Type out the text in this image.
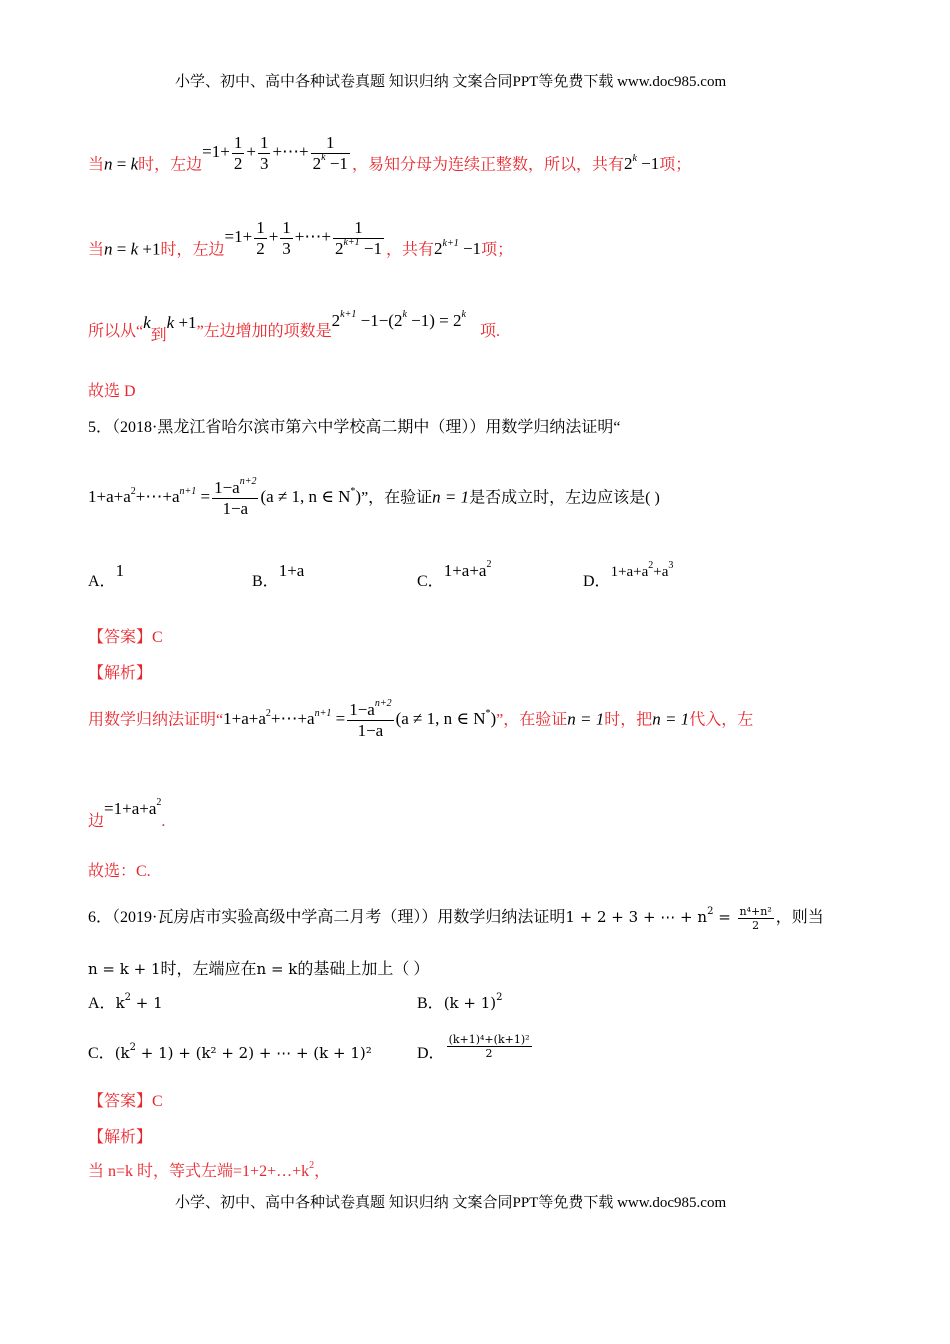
小学、初中、高中各种试卷真题 知识归纳 文案合同PPT等免费下载 www.doc985.com
当n = k时，左边$=1+ \frac{1}{2} + \frac{1}{3}$ +⋯+ $\frac{1}{2^k -1}$ ，易知分母为连续正整数，所以，共有$2^k -1$项；
当n = k +1时，左边$=1+ \frac{1}{2} + \frac{1}{3}$ +⋯+ $\frac{1}{2^{k+1} -1}$ ，共有$2^{k+1} -1$项；
所以从“k到k +1”左边增加的项数是$2^{k+1} -1-(2^k -1) = 2^k$项.
故选 D
5．（2018·黑龙江省哈尔滨市第六中学校高二期中（理））用数学归纳法证明“
$1+a+a^2+\cdots+a^{n+1} = \frac{1-a^{n+2}}{1-a} (a \ne 1$, n ∈ N*)”，在验证n = 1是否成立时，左边应该是( )
A．1
B．1+a
C．$1+a+a^2$
D．$1+a+a^2+a^3$
【答案】C
【解析】
用数学归纳法证明“$1+a+a^2+\cdots+a^{n+1} = \frac{1-a^{n+2}}{1-a} (a \ne 1$, n ∈ N*)”，在验证n = 1时，把n = 1代入，左
边$=1+a+a^2$.
故选：C.
6．（2019·瓦房店市实验高级中学高二月考（理））用数学归纳法证明1 + 2 + 3 + ⋯ + $n^2 = \frac{\text{n⁴+n²}}{2}$ ，则当
n = k + 1时，左端应在n = k的基础上加上（ ）
A．$k^2 + 1$	B．$(k + 1)^2$
C．$(k^2 + 1) + (k^2 + 2)$ + ⋯ + (k + 1)²	D． $\frac{\text{(k+1)⁴+(k+1)²}}{2}$
【答案】C
【解析】
当 n=k 时，等式左端$=1+2+\dots+k^2$，
小学、初中、高中各种试卷真题 知识归纳 文案合同PPT等免费下载 www.doc985.com
